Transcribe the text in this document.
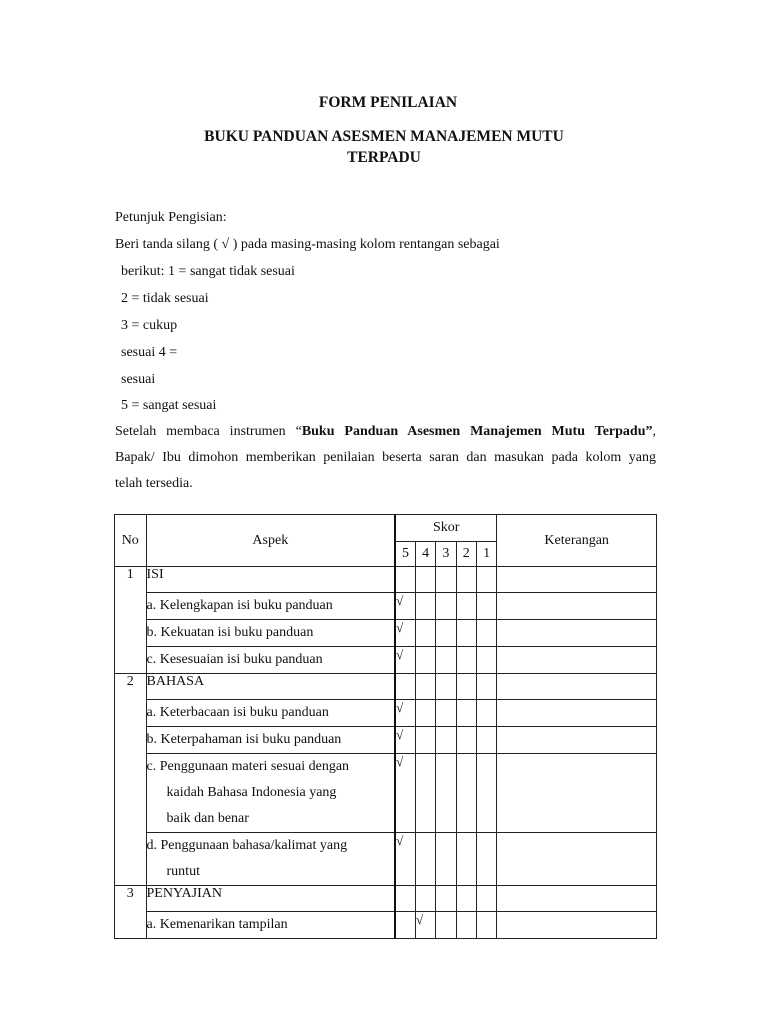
FORM PENILAIAN
BUKU PANDUAN ASESMEN MANAJEMEN MUTU
TERPADU
Petunjuk Pengisian:
Beri tanda silang ( √ ) pada masing-masing kolom rentangan sebagai
berikut: 1 = sangat tidak sesuai
2 = tidak sesuai
3 = cukup
sesuai 4 =
sesuai
5 = sangat sesuai
Setelah membaca instrumen “Buku Panduan Asesmen Manajemen Mutu Terpadu”,
Bapak/ Ibu dimohon memberikan penilaian beserta saran dan masukan pada kolom yang
telah tersedia.
No	Aspek	Skor					Keterangan
		5	4	3	2	1	
1	ISI						

	a. Kelengkapan isi buku panduan	√					

	b. Kekuatan isi buku panduan	√					

	c. Kesesuaian isi buku panduan	√					
2	BAHASA						

	a. Keterbacaan isi buku panduan	√					

	b. Keterpahaman isi buku panduan	√					

	c. Penggunaan materi sesuai dengan
kaidah Bahasa Indonesia yang
baik dan benar	√					

	d. Penggunaan bahasa/kalimat yang
runtut	√					
3	PENYAJIAN						

	a. Kemenarikan tampilan		√				
